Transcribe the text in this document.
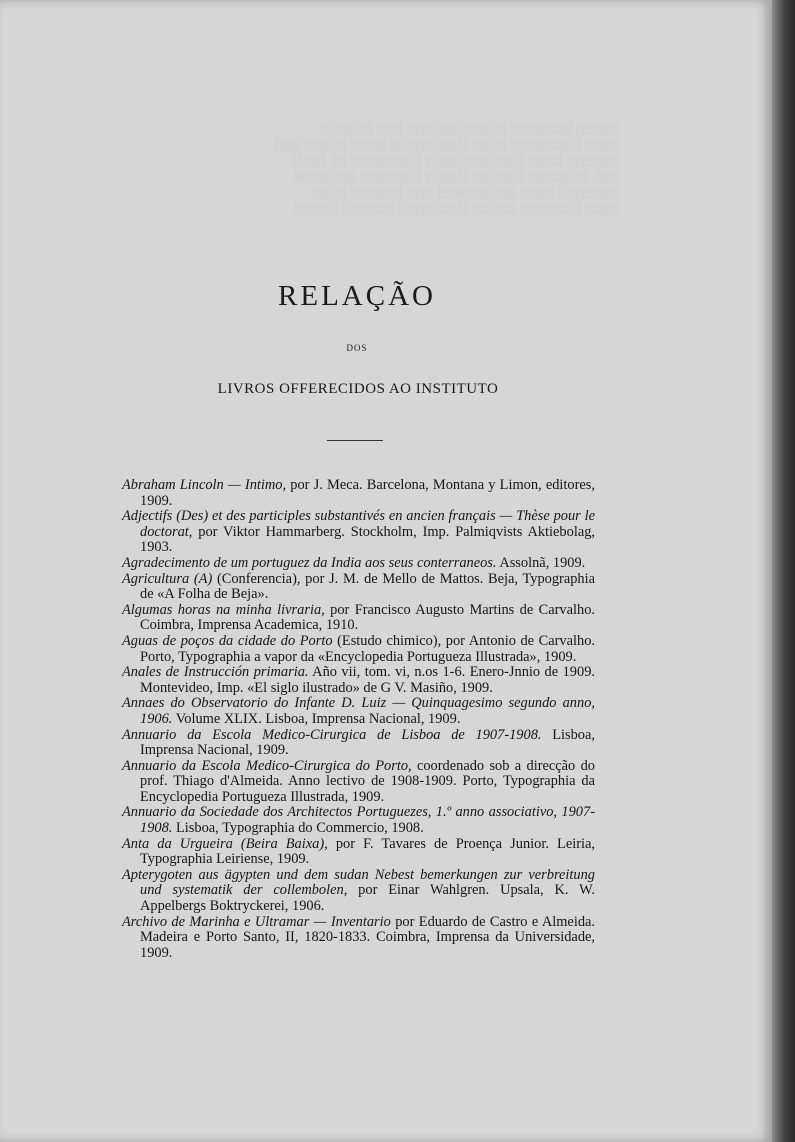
░░░░░ ░░░░░░░ ░░░░░ ░░░░░░ ░░░ ░░░░░░
░░░░ ░░░░░░░░ ░░░░ ░░░░░░░░░ ░░░░ ░░░░░ ░░░
░░░░░░ ░░░░ ░░░░░░░ ░░░░ ░░░░░░░░ ░░ ░░░░
░░░ ░░░░░░░ ░░░░░░ ░░░░░ ░░░░░░░ ░░░░░░░
░░░░░░░ ░░░░ ░░░░░░░░░ ░░░ ░░░░░░ ░░░░
░░░░ ░░░░░░░ ░░░░░ ░░░░░░░░ ░░░░░░ ░░░░░
RELAÇÃO
DOS
LIVROS OFFERECIDOS AO INSTITUTO
Abraham Lincoln — Intimo, por J. Meca. Barcelona, Montana y Limon, editores, 1909.
Adjectifs (Des) et des participles substantivés en ancien français — Thèse pour le doctorat, por Viktor Hammarberg. Stockholm, Imp. Palmiqvists Aktiebolag, 1903.
Agradecimento de um portuguez da India aos seus conterraneos. Assolnã, 1909.
Agricultura (A) (Conferencia), por J. M. de Mello de Mattos. Beja, Typographia de «A Folha de Beja».
Algumas horas na minha livraria, por Francisco Augusto Martins de Carvalho. Coimbra, Imprensa Academica, 1910.
Aguas de poços da cidade do Porto (Estudo chimico), por Antonio de Carvalho. Porto, Typographia a vapor da «Encyclopedia Portugueza Illustrada», 1909.
Anales de Instrucción primaria. Año vii, tom. vi, n.os 1-6. Enero-Jnnio de 1909. Montevideo, Imp. «El siglo ilustrado» de G V. Masiño, 1909.
Annaes do Observatorio do Infante D. Luiz — Quinquagesimo segundo anno, 1906. Volume XLIX. Lisboa, Imprensa Nacional, 1909.
Annuario da Escola Medico-Cirurgica de Lisboa de 1907-1908. Lisboa, Imprensa Nacional, 1909.
Annuario da Escola Medico-Cirurgica do Porto, coordenado sob a direcção do prof. Thiago d'Almeida. Anno lectivo de 1908-1909. Porto, Typographia da Encyclopedia Portugueza Illustrada, 1909.
Annuario da Sociedade dos Architectos Portuguezes, 1.º anno associativo, 1907-1908. Lisboa, Typographia do Commercio, 1908.
Anta da Urgueira (Beira Baixa), por F. Tavares de Proença Junior. Leiria, Typographia Leiriense, 1909.
Apterygoten aus ägypten und dem sudan Nebest bemerkungen zur verbreitung und systematik der collembolen, por Einar Wahlgren. Upsala, K. W. Appelbergs Boktryckerei, 1906.
Archivo de Marinha e Ultramar — Inventario por Eduardo de Castro e Almeida. Madeira e Porto Santo, II, 1820-1833. Coimbra, Imprensa da Universidade, 1909.
